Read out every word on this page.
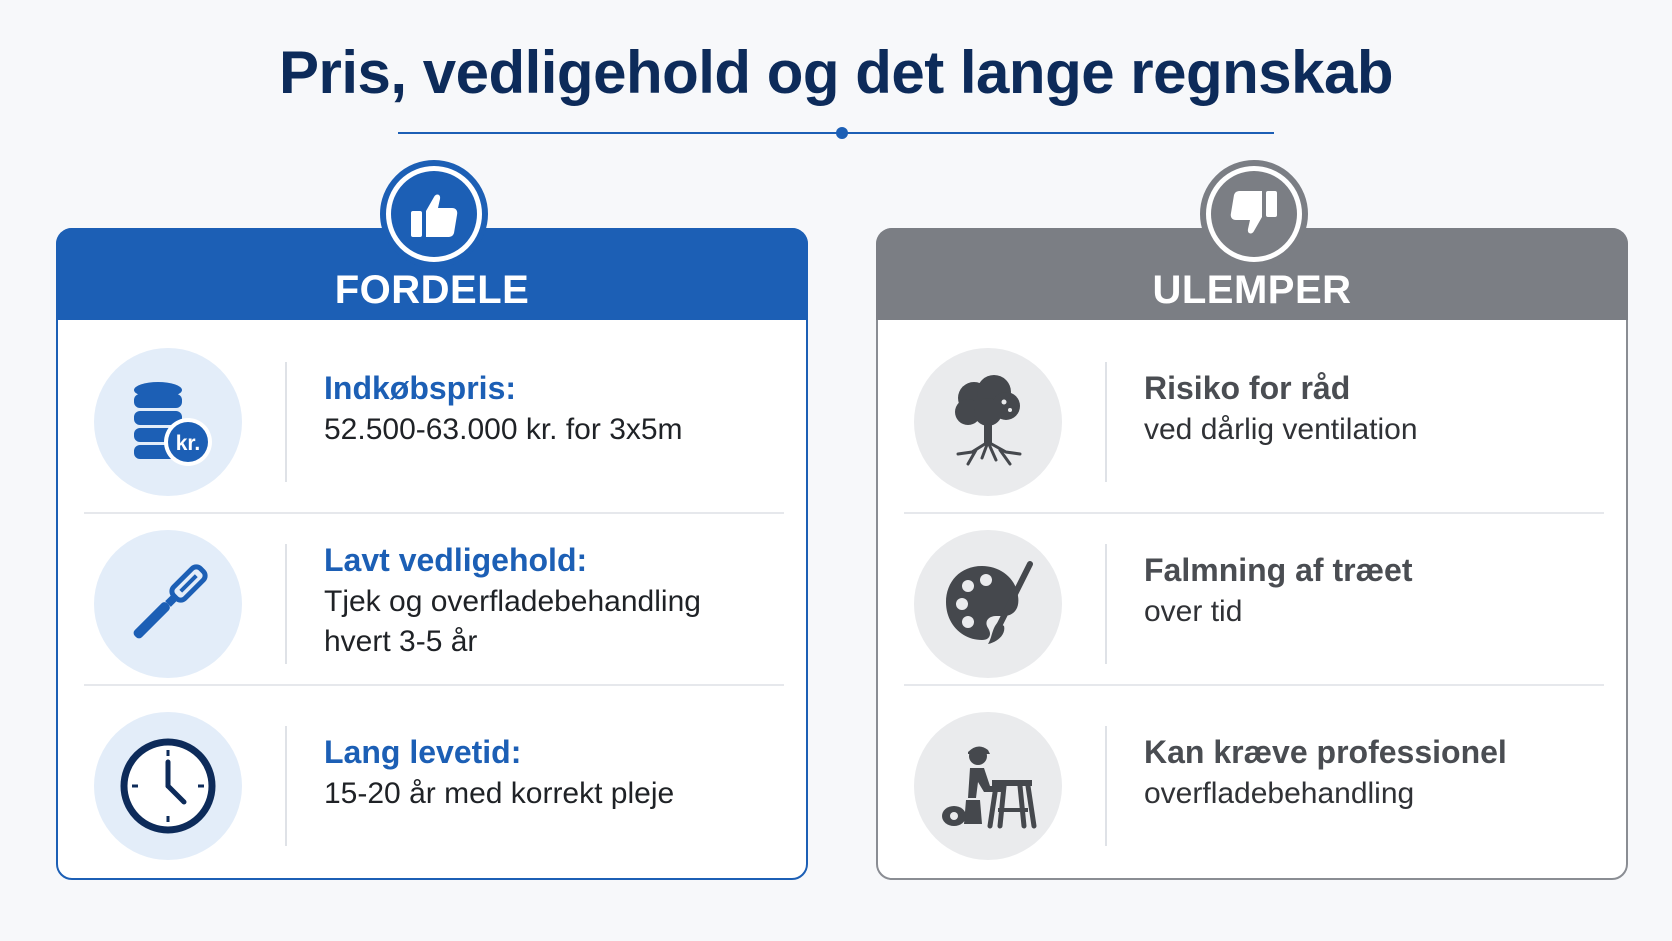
Pris, vedligehold og det lange regnskab
FORDELE
kr.
Indkøbspris:
52.500-63.000 kr. for 3x5m
Lavt vedligehold:
Tjek og overfladebehandling
hvert 3-5 år
Lang levetid:
15-20 år med korrekt pleje
ULEMPER
Risiko for råd
ved dårlig ventilation
Falmning af træet
over tid
Kan kræve professionel
overfladebehandling
